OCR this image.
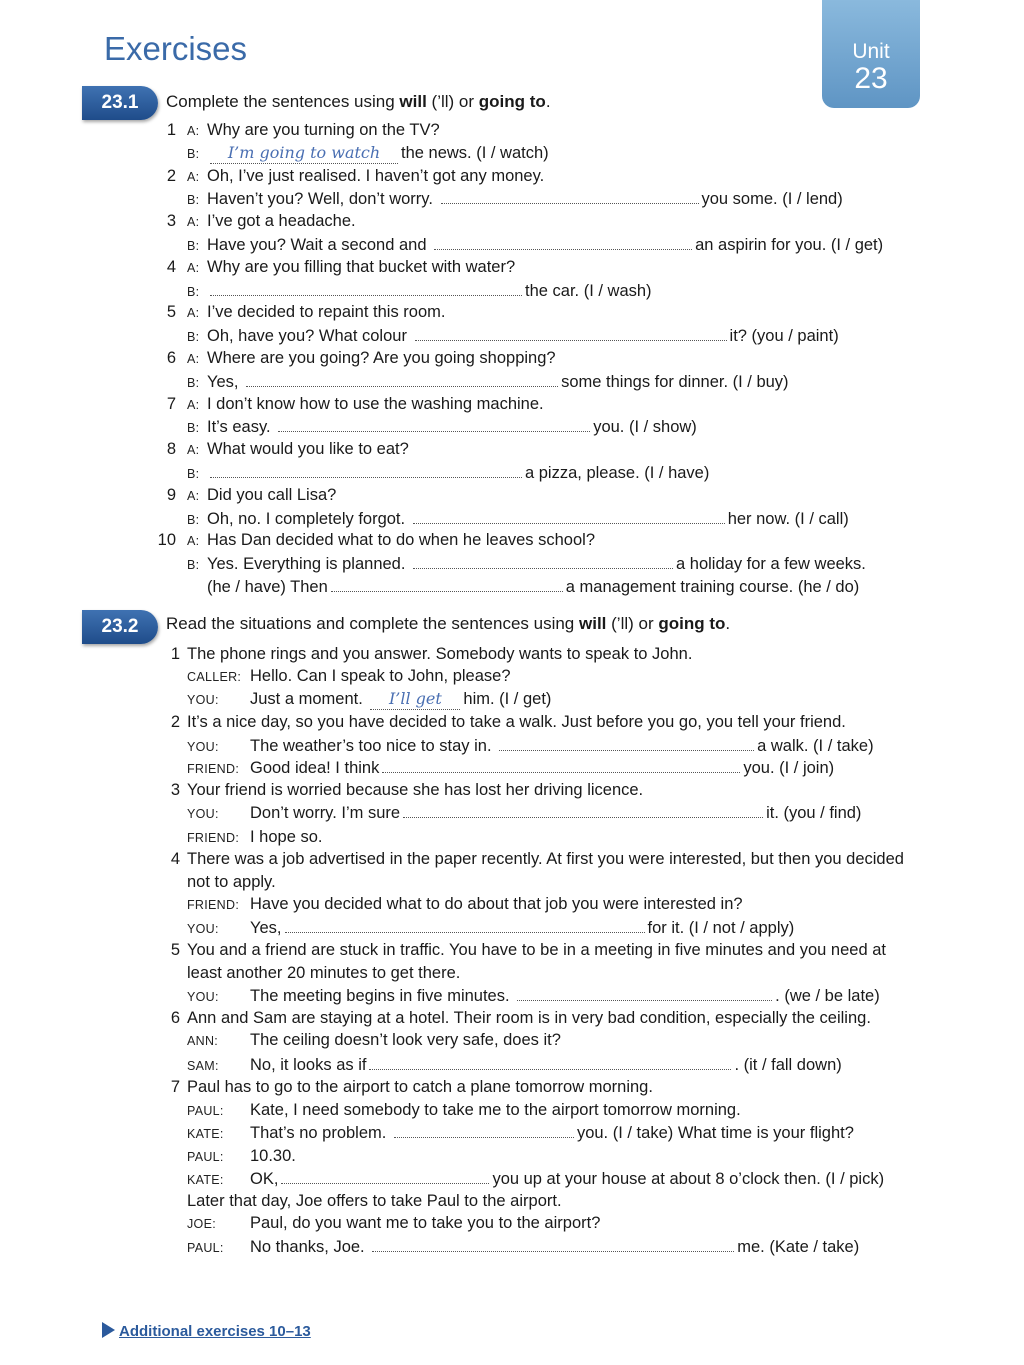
Exercises	Unit
23
23.1	Complete the sentences using will (’ll) or going to.
1 A: Why are you turning on the TV?
B: I’m going to watch the news. (I / watch)
2 A: Oh, I’ve just realised. I haven’t got any money.
B: Haven’t you? Well, don’t worry.	you some. (I / lend)
3 A: I’ve got a headache.
B: Have you? Wait a second and	an aspirin for you. (I / get)
4 A: Why are you filling that bucket with water?
B:	the car. (I / wash)
5 A: I’ve decided to repaint this room.
B: Oh, have you? What colour	it? (you / paint)
6 A: Where are you going? Are you going shopping?
B: Yes,	some things for dinner. (I / buy)
7 A: I don’t know how to use the washing machine.
B: It’s easy.	you. (I / show)
8 A: What would you like to eat?
B:	a pizza, please. (I / have)
9 A: Did you call Lisa?
B: Oh, no. I completely forgot.	her now. (I / call)
10 A: Has Dan decided what to do when he leaves school?
B: Yes. Everything is planned.	a holiday for a few weeks.
(he / have) Then	a management training course. (he / do)
23.2	Read the situations and complete the sentences using will (’ll) or going to.
1 The phone rings and you answer. Somebody wants to speak to John.
CALLER: Hello. Can I speak to John, please?
YOU: Just a moment. I’ll get him. (I / get)
2 It’s a nice day, so you have decided to take a walk. Just before you go, you tell your friend.
YOU: The weather’s too nice to stay in.	a walk. (I / take)
FRIEND: Good idea! I think	you. (I / join)
3 Your friend is worried because she has lost her driving licence.
YOU: Don’t worry. I’m sure	it. (you / find)
FRIEND: I hope so.
4 There was a job advertised in the paper recently. At first you were interested, but then you decided
not to apply.
FRIEND: Have you decided what to do about that job you were interested in?
YOU: Yes,	for it. (I / not / apply)
5 You and a friend are stuck in traffic. You have to be in a meeting in five minutes and you need at
least another 20 minutes to get there.
YOU: The meeting begins in five minutes.	. (we / be late)
6 Ann and Sam are staying at a hotel. Their room is in very bad condition, especially the ceiling.
ANN: The ceiling doesn’t look very safe, does it?
SAM: No, it looks as if	. (it / fall down)
7 Paul has to go to the airport to catch a plane tomorrow morning.
PAUL: Kate, I need somebody to take me to the airport tomorrow morning.
KATE: That’s no problem.	you. (I / take) What time is your flight?
PAUL: 10.30.
KATE: OK,	you up at your house at about 8 o’clock then. (I / pick)
Later that day, Joe offers to take Paul to the airport.
JOE: Paul, do you want me to take you to the airport?
PAUL: No thanks, Joe.	me. (Kate / take)
Additional exercises 10–13
